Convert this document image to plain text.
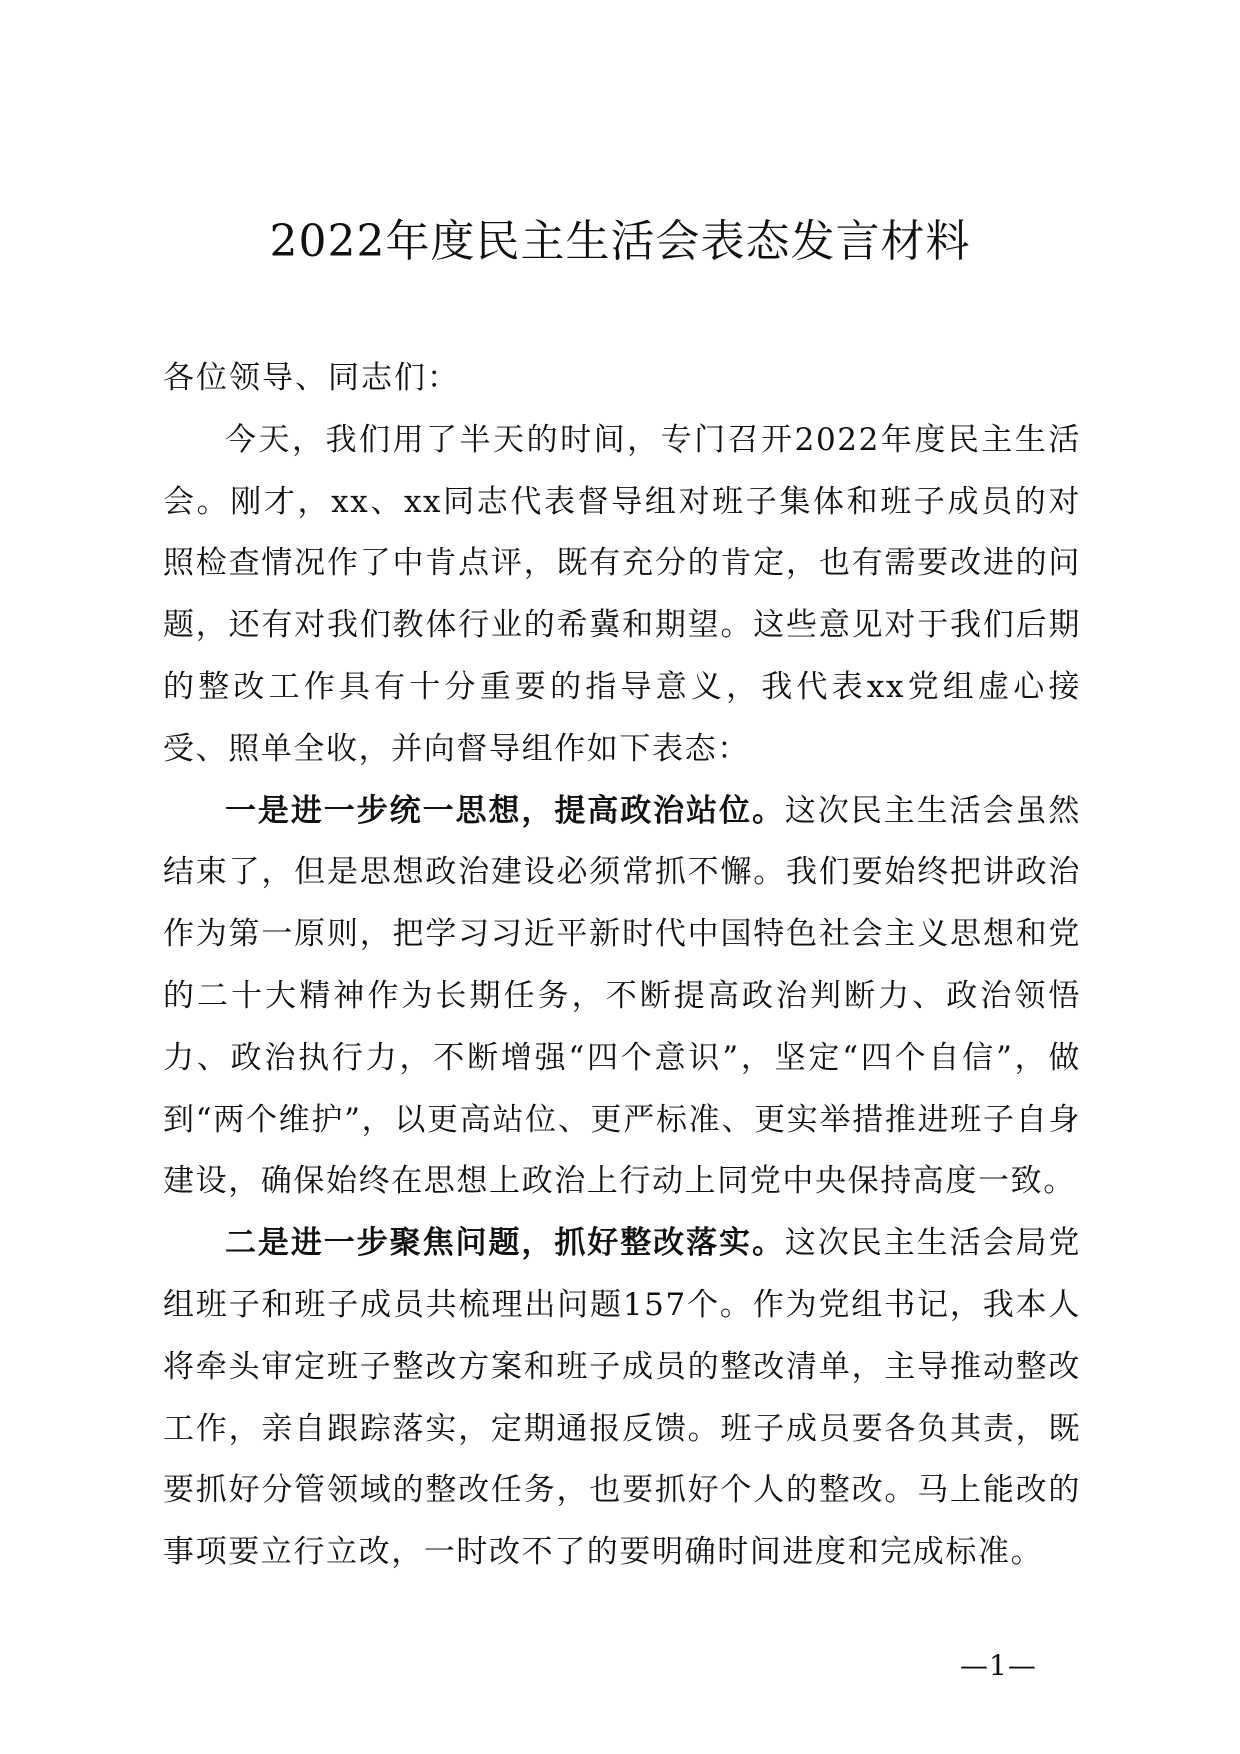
2022年度民主生活会表态发言材料

各位领导、同志们：

今天，我们用了半天的时间，专门召开2022年度民主生活会。刚才，xx、xx同志代表督导组对班子集体和班子成员的对照检查情况作了中肯点评，既有充分的肯定，也有需要改进的问题，还有对我们教体行业的希冀和期望。这些意见对于我们后期的整改工作具有十分重要的指导意义，我代表xx党组虚心接受、照单全收，并向督导组作如下表态：

一是进一步统一思想，提高政治站位。这次民主生活会虽然结束了，但是思想政治建设必须常抓不懈。我们要始终把讲政治作为第一原则，把学习习近平新时代中国特色社会主义思想和党的二十大精神作为长期任务，不断提高政治判断力、政治领悟力、政治执行力，不断增强“四个意识”，坚定“四个自信”，做到“两个维护”，以更高站位、更严标准、更实举措推进班子自身建设，确保始终在思想上政治上行动上同党中央保持高度一致。

二是进一步聚焦问题，抓好整改落实。这次民主生活会局党组班子和班子成员共梳理出问题157个。作为党组书记，我本人将牵头审定班子整改方案和班子成员的整改清单，主导推动整改工作，亲自跟踪落实，定期通报反馈。班子成员要各负其责，既要抓好分管领域的整改任务，也要抓好个人的整改。马上能改的事项要立行立改，一时改不了的要明确时间进度和完成标准。

—1—
